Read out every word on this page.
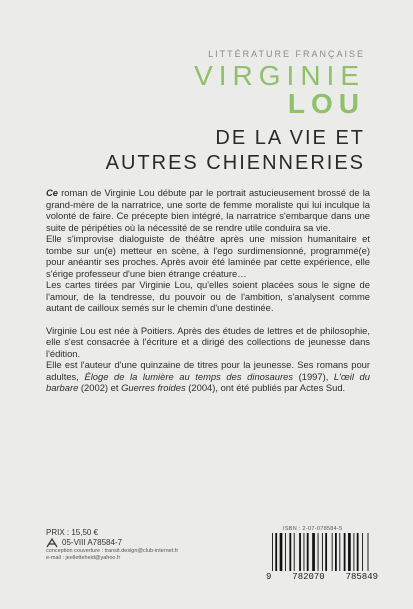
LITTÉRATURE FRANÇAISE
VIRGINIE
LOU
DE LA VIE ET
AUTRES CHIENNERIES

Ce roman de Virginie Lou débute par le portrait astucieusement brossé de la grand-mère de la narratrice, une sorte de femme moraliste qui lui inculque la volonté de faire. Ce précepte bien intégré, la narratrice s'embarque dans une suite de péripéties où la nécessité de se rendre utile conduira sa vie.

Elle s'improvise dialoguiste de théâtre après une mission humanitaire et tombe sur un(e) metteur en scène, à l'ego surdimensionné, programmé(e) pour anéantir ses proches. Après avoir été laminée par cette expérience, elle s'érige professeur d'une bien étrange créature…

Les cartes tirées par Virginie Lou, qu'elles soient placées sous le signe de l'amour, de la tendresse, du pouvoir ou de l'ambition, s'analysent comme autant de cailloux semés sur le chemin d'une destinée.

Virginie Lou est née à Poitiers. Après des études de lettres et de philosophie, elle s'est consacrée à l'écriture et a dirigé des collections de jeunesse dans l'édition.

Elle est l'auteur d'une quinzaine de titres pour la jeunesse. Ses romans pour adultes, Éloge de la lumière au temps des dinosaures (1997), L'œil du barbare (2002) et Guerres froides (2004), ont été publiés par Actes Sud.

PRIX : 15,50 €
05-VIII A78584-7
conception couverture : transit.design@club-internet.fr
e-mail : jeelletteheid@yahoo.fr
ISBN : 2-07-078584-5
9 782070 785849
